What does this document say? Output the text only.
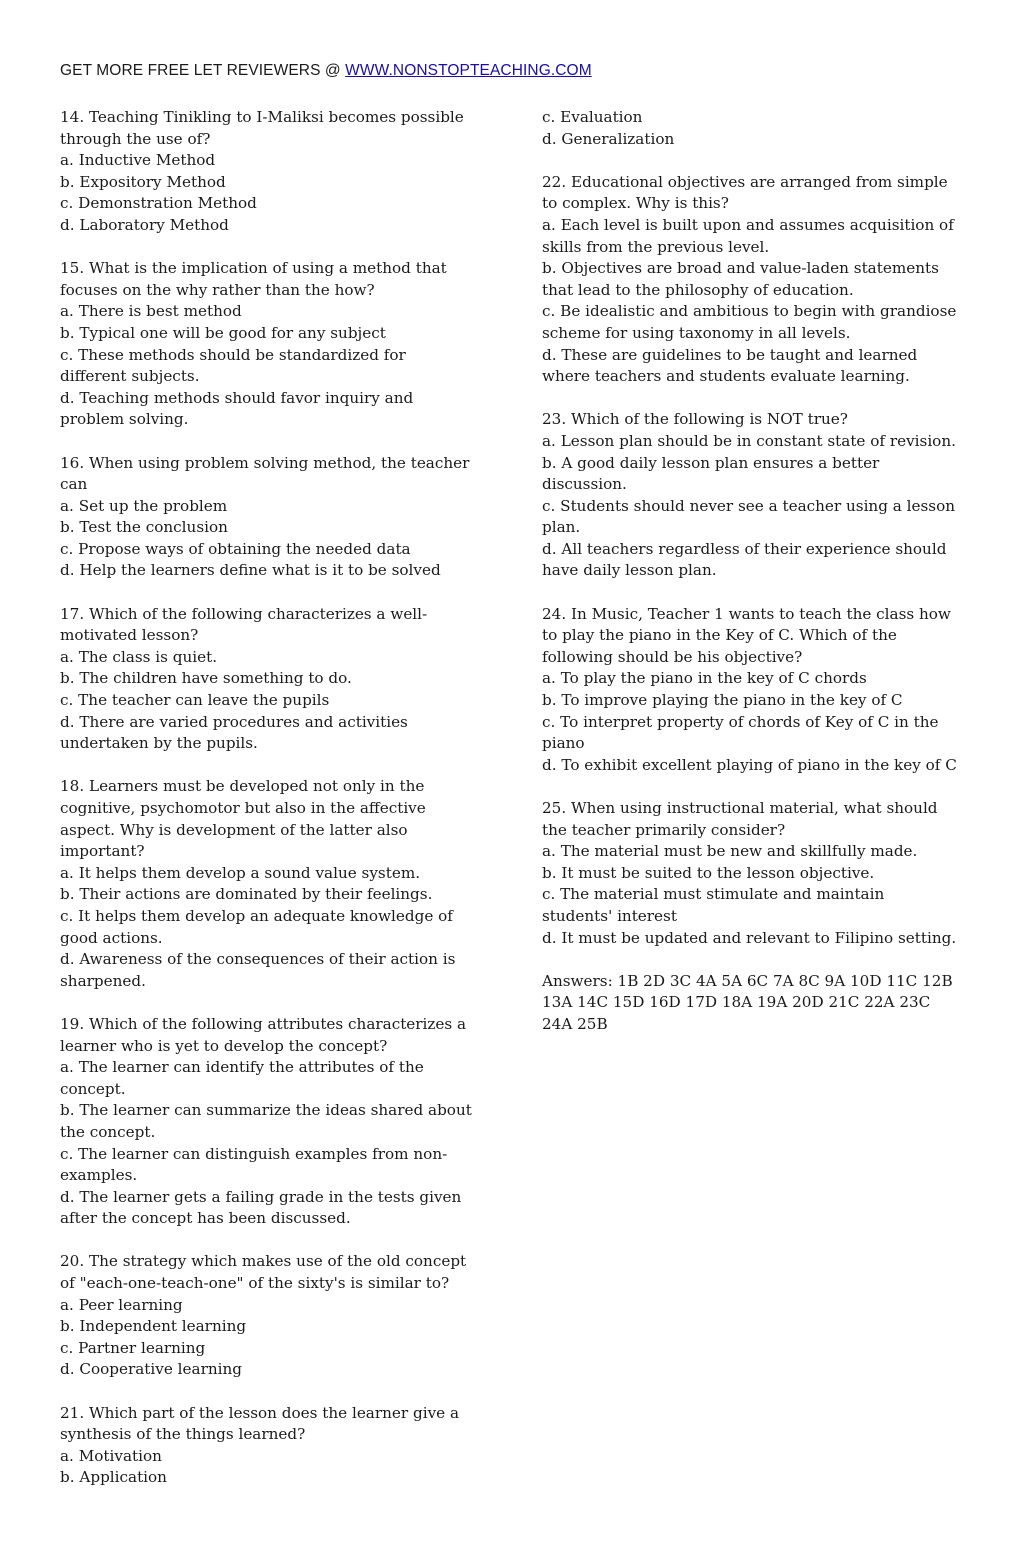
GET MORE FREE LET REVIEWERS @ WWW.NONSTOPTEACHING.COM
14. Teaching Tinikling to I-Maliksi becomes possible
through the use of?
a. Inductive Method
b. Expository Method
c. Demonstration Method
d. Laboratory Method
15. What is the implication of using a method that
focuses on the why rather than the how?
a. There is best method
b. Typical one will be good for any subject
c. These methods should be standardized for
different subjects.
d. Teaching methods should favor inquiry and
problem solving.
16. When using problem solving method, the teacher
can
a. Set up the problem
b. Test the conclusion
c. Propose ways of obtaining the needed data
d. Help the learners define what is it to be solved
17. Which of the following characterizes a well-
motivated lesson?
a. The class is quiet.
b. The children have something to do.
c. The teacher can leave the pupils
d. There are varied procedures and activities
undertaken by the pupils.
18. Learners must be developed not only in the
cognitive, psychomotor but also in the affective
aspect. Why is development of the latter also
important?
a. It helps them develop a sound value system.
b. Their actions are dominated by their feelings.
c. It helps them develop an adequate knowledge of
good actions.
d. Awareness of the consequences of their action is
sharpened.
19. Which of the following attributes characterizes a
learner who is yet to develop the concept?
a. The learner can identify the attributes of the
concept.
b. The learner can summarize the ideas shared about
the concept.
c. The learner can distinguish examples from non-
examples.
d. The learner gets a failing grade in the tests given
after the concept has been discussed.
20. The strategy which makes use of the old concept
of "each-one-teach-one" of the sixty's is similar to?
a. Peer learning
b. Independent learning
c. Partner learning
d. Cooperative learning
21. Which part of the lesson does the learner give a
synthesis of the things learned?
a. Motivation
b. Application
c. Evaluation
d. Generalization
22. Educational objectives are arranged from simple
to complex. Why is this?
a. Each level is built upon and assumes acquisition of
skills from the previous level.
b. Objectives are broad and value-laden statements
that lead to the philosophy of education.
c. Be idealistic and ambitious to begin with grandiose
scheme for using taxonomy in all levels.
d. These are guidelines to be taught and learned
where teachers and students evaluate learning.
23. Which of the following is NOT true?
a. Lesson plan should be in constant state of revision.
b. A good daily lesson plan ensures a better
discussion.
c. Students should never see a teacher using a lesson
plan.
d. All teachers regardless of their experience should
have daily lesson plan.
24. In Music, Teacher 1 wants to teach the class how
to play the piano in the Key of C. Which of the
following should be his objective?
a. To play the piano in the key of C chords
b. To improve playing the piano in the key of C
c. To interpret property of chords of Key of C in the
piano
d. To exhibit excellent playing of piano in the key of C
25. When using instructional material, what should
the teacher primarily consider?
a. The material must be new and skillfully made.
b. It must be suited to the lesson objective.
c. The material must stimulate and maintain
students' interest
d. It must be updated and relevant to Filipino setting.
Answers: 1B 2D 3C 4A 5A 6C 7A 8C 9A 10D 11C 12B
13A 14C 15D 16D 17D 18A 19A 20D 21C 22A 23C
24A 25B
